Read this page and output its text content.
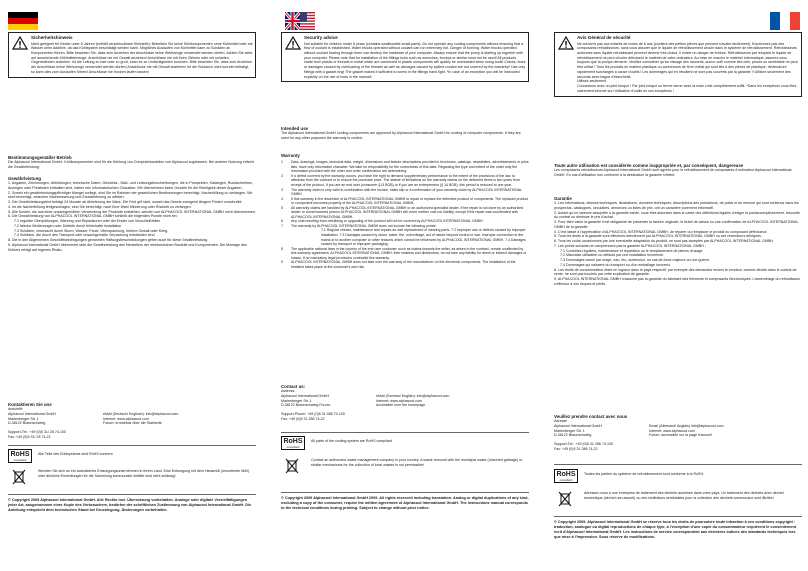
Sicherheitshinweis
Nicht geeignet für Kinder unter 6 Jahren (enthält verschluckbare Kleinteile): Betreiben Sie keine Kühlkomponenten ohne Kühlmittel oder mit Wasser ohne Additive, da das Kühlsystem beschädigt werden kann. Mögliches Auslaufen von Kühlmittel kann zu Schäden an Komponenten führen. Bitte beachten Sie, dass zum Anziehen der Anschlüsse keine Werkzeuge verwendet werden dürfen. Achten Sie stets auf ausreichende Kühlmittelmenge. Anschlüsse nie mit Gewalt anziehen! Anschlüsse nie mit Ihren Zähnen oder mit scharfen Gegenständen anziehen. Ist die Leitung zu hart oder zu groß, kann es zu Undichtigkeiten kommen. Bitte beachten Sie, dass zum Anziehen der Anschlüsse keine Werkzeuge verwendet werden dürfen! Anschlüsse nie mit Gewalt anziehen! Ist der Schlauch nicht korrekt befestigt, so kann dies zum Auslaufen führen! Anschlüsse nie trocken laufen lassen!
Bestimmungsgemäßer Betrieb
Die Alphacool International GmbH- Kühlkomponenten sind für die Kühlung von Computerbauteilen von Alphacool zugelassen. Bei anderer Nutzung erlischt die Gewährleistung.
Gewährleistung
1. Angaben, Zeichnungen, Abbildungen, technische Daten, Gewichts-, Maß- und Leistungsbeschreibungen, die in Prospekten, Katalogen, Rundschreiben, Anzeigen oder Preislisten enthalten sind, haben rein informatorischen Charakter. Wir übernehmen keine Gewähr für die Richtigkeit dieser Angaben.
2. Soweit ein gewährleistungspflichtiger Mangel vorliegt, sind Sie im Rahmen der gesetzlichen Bestimmungen berechtigt, Nacherfüllung zu verlangen. Wir sind berechtigt, zwischen Nachbesserung und Ersatzlieferung zu wählen.
3. Die Gewährleistungsfrist beträgt 24 Monate ab Ablieferung der Ware. Die Frist gilt nicht, soweit das Gesetz zwingend längere Fristen vorschreibt.
4. Ist die Nacherfüllung fehlgeschlagen, sind Sie berechtigt, nach Ihrer Wahl Minderung oder Rücktritt zu verlangen.
5. Alle Kosten, die aus einer unsachgemäßen Verwendung der Produkte entstehen, werden von ALPHACOOL INTERNATIONAL GMBH nicht übernommen.
6. Die Gewährleistung von ALPHACOOL INTERNATIONAL GMBH schließt die folgenden Punkte nicht ein:
7.1 reguläre Überprüfungen, Wartung und Reparaturen oder der Ersatz von Verschleißteilen
7.2 falsche Bedienungen oder Defekte durch fehlerhafte Installation
7.3 Schäden, verursacht durch Sturm, Wasser, Feuer, Überspannung, höhere Gewalt oder Krieg.
7.4 Schäden, die durch den Transport oder unsachgemäße Verpackung entstanden sind.
8. Die in den Allgemeinen Geschäftsbedingungen genannten Haftungsbeschränkungen gelten auch für diese Gewährleistung.
9. Alphacool International GmbH übernimmt nicht die Gewährleistung des Herstellers der elektronischen Bauteile und Komponenten. Die Montage des Kühlers erfolgt auf eigenes Risiko.
Kontaktieren Sie uns
Anschrift:
Alphacool International GmbH
Marienberger Str. 1
D-38122 Braunschweig
Support-Tel.: +49 (0)5 31/ 28 74-100
Fax: +49 (0)5 31/ 28 74-22
eMail (Deutsch/ Englisch): info@alphacool.com
Internet: www.alphacool.com
Forum: erreichbar über die Startseite
RoHS
compliant
Alle Teile des Kühlsystems sind RoHS konform
Wenden Sie sich an ein autorisiertes Entsorgungsunternehmen in Ihrem Land. Eine Entsorgung mit dem Hausmüll (unsortierter Müll) oder ähnliche Einrichtungen für die Sammlung kommunaler Abfälle sind nicht zulässig!
© Copyright 2009 Alphacool International GmbH. Alle Rechte incl. Übersetzung vorbehalten. Analoge oder digitale Vervielfältigungen jeder Art, ausgenommen einer Kopie des Verbrauchers, bedürfen der schriftlichen Zustimmung von Alphacool International GmbH. Die Anleitung entspricht dem technischen Stand bei Drucklegung. Änderungen vorbehalten.
Security advice
Not suitable for children under 6 years (contains swallowable small-parts). Do not operate any cooling components without ensuring that a flow of coolant is established. Water blocks operated without coolant can run extremely hot. Danger of burning. Water blocks operated without coolant flowing through them can destroy the hardware of your computer. Always ensure that the pump is starting up together with your computer. Please note that for installation of the fittings tools such as wrenches, forceps or similar must not be used! All products made from plastic or threads in metal which are connected to plastic components will quickly be overloaded when using tools! Cracks, tears or damages caused by overloading of the threads as well as damages caused by spilled coolant are not covered by the warranty!! Use only fittings with a gasket ring! The gasket makes it sufficient to screw in the fittings hand tight. *In case of an exception you will be instructed explicitly on the use of tools in the manual!
Intended use
The Alphacool International GmbH cooling components are approved by Alphacool International GmbH for cooling of computer components. If they are used for any other purposes the warranty is voided.
Warranty
1	Data, drawings, images, technical data, weight, dimensions and feature descriptions provided in brochures, catalogs, newsletters, advertisements or price lists, have only informative character. We take no responsibility for the correctness of this data. Regarding the type and extent of the order only the information provided with the order and order confirmation are determining.
2	If a defect covered by the warranty occurs, you have the right to demand supplementary performance to the extent of the provisions of the law, to withdraw from the contract or to reduce the purchase price. The statute of limitations on the warranty claims on the delivered items is two years from receipt of the product. If you are an end user (consumer §13 BGB) or if you are an entrepreneur (§ 14 BGB), this period is reduced to one year.
3	The warranty claim is only valid in combination with the invoice, sales slip or a confirmation of your warranty claim by ALPHACOOL INTERNATIONAL GMBH.
4	If this warranty in the discretion of ALPHACOOL INTERNATIONAL GMBH to repair or replace the defective product or components. The replaced product or component becomes property of the ALPHACOOL INTERNATIONAL GMBH.
5	All warranty claims are handled by ALPHACOOL INTERNATIONAL GMBH or an authorized specialist dealer. If the repair is not done by an authorized dealer or commissioned person ALPHACOOL INTERNATIONAL GMBH will cover neither cost nor liability, except if the repair was coordinated with ALPHACOOL INTERNATIONAL GMBH.
6	Any cost resulting from rebuilding or upgrading of the product will not be covered by ALPHACOOL INTERNATIONAL GMBH.
7	The warranty by ALPHACOOL INTERNATIONAL GMBH does not include the following points:
	7.1 Regular checks, maintenance and repairs as well replacement of wearing parts. 7.2 Improper use or defects caused by improper installation. 7.3 Damages caused by storm, water, fire, overvoltage, act of nature beyond control or war, improper connection to the mains or to another computer or other reasons which cannot be influenced by ALPHACOOL INTERNATIONAL GMBH. 7.4 Damages caused by transport or improper packaging.
8	The applicable national laws in the country of the end user customer, such as claims towards the seller, as arisen in the contract, remain unaffected by this warranty agreement. ALPHACOOL INTERNATIONAL GMBH, their retailers and distributors, do not take any liability for direct or indirect damages or losses, if no mandatory legal provisions contradict this warranty.
9	ALPHACOOL INTERNATIONAL GMBH does not take over the warranty of the manufacturer on the electronic components. The installation of the heatsink takes place at the customer's own risk.
Contact us:
Address:
Alphacool International GmbH
Marienberger Str. 1
D-38122 Braunschweig Forum:
Support-Phone: +49 (0)5 31 286 74-100
Fax: +49 (0)5 31 286 74-22
eMail (German/ English): info@alphacool.com
Internet: www.alphacool.com
Accessible over the homepage
RoHS
compliant
All parts of the cooling system are RoHS compliant
Contact an authorized waste management company in your country. A waste removal with the municipal waste (unsorted garbage) or similar mechanisms for the collection of local wastes is not permissible!
© Copyright 2009 Alphacool International GmbH 2009. All rights reserved including translation. Analog or digital duplications of any kind, excluding a copy of the consumer, require the written agreement of Alphacool International GmbH. The instructions manual corresponds to the technical conditions during printing. Subject to change without prior notice.
Avis Général de sécurité
Ne convient pas aux enfants de moins de 6 ans (contient des petites pièces que peuvent s'avaler facilement). N'actionnez pas des composants refroidisseurs, sans vous assurer que le liquide de refroidissement circule dans le système de refroidissement. Refroidisseurs actionnés sans liquide refroidissant peuvent devenir très chaud. Il existe un danger de brûlure. Refroidisseurs par lesquels le liquide de refroidissement ne peut circuler détruisent le matériel de votre ordinateur. Au mise en marche le matériel informatique, assurez-vous toujours que la pompe démarre. Veuillez considérer qu'au vissage des raccords, aucun outil comme des clés, pinces ou semblable ne peut être utilisé ! Tous les produits en matière plastique ou connexions de fil en métal qui sont liés à des pièces de plastique, deviendront rapidement surchargés à cause d'outils ! Les dommages qui en résultent ne sont pas couverts par la garantie !! Utilisez seulement des raccords avec bague d'étanchéité.
Utilisez seulement
Connexions avec un joint torique ! Par joint torique un ferme serrer avec la main c'est complètement suffit. *Dans les exceptions vous êtes clairement informé sur l'utilisation d'outils en ces exceptions !
Toute autre utilisation est considérée comme inappropriée et, par conséquent, dangereuse
Les composants refroidisseurs Alphacool International GmbH sont agréés pour le refroidissement de composants d'ordinateur Alphacool International GmbH. En cas d'utilisation non conforme à la destination la garantie s'éteint.
Garantie
1. Les informations, dessins techniques, illustrations, données techniques, descriptions des prestations, de poids et de mesure qui sont contenus dans les prospectus, catalogues, circulaires, annonces ou listes de prix, ont un caractère purement informatif.
2. Autant qu'un carence assujettie à la garantie existe, vous êtes autorisés dans le cadre des définitions légales d'exiger la postaccomplissement, résoudre du contrat ou diminuer le prix d'achat.
3. Pour faire valoir la garantie il est obligatoire de présenter la facture originale, le ticket de caisse ou une confirmation de ALPHACOOL INTERNATIONAL GMBH de la garantie.
4. C'est laissé à l'appréciation d'ALPHACOOL INTERNATIONAL GMBH, de réparer ou remplacer le produit ou composant défectueux.
5. Tous les droits à la garantie sont effectués directement par ALPHACOOL INTERNATIONAL GMBH ou ses revendeurs délégués.
6. Tous les coûts occasionnés par une éventuelle adaptation du produit, ne sont pas acceptés par ALPHACOOL INTERNATIONAL GMBH.
7. Les points suivants ne comprennent pas la garantie ALPHACOOL INTERNATIONAL GMBH :
7.1 Contrôles réguliers, maintenance et réparation ou le remplacement de pièces d'usage.
7.2 Mauvaise utilisation ou défauts par une installation incorrecte.
7.3 Dommages causé par orage, eau, feu, surtension, un cas de force majeure ou une guerre.
7.4 Dommages qui naissent du transport ou d'un emballage incorrect.
8. Les droits de consommateur étant en vigueur dans le pays respectif, par exemple des demandes envers le vendeur, comme décrits dans le contrat de vente, ne sont pas touchés par cette explication de garantie.
9. ALPHACOOL INTERNATIONAL GMBH n'assume pas la garantie du fabricant des éléments et composants électroniques. L'assemblage du refroidisseur s'effectue à vos risques et périls.
Veuillez prendre contact avec nous
Adresse
Alphacool International GmbH
Marienberger Str. 1
D-38122 Braunschweig
Support-Tel.: +49 (0)5 31 286 74-100
Fax: +49 (0)5 31 286 74-22
Email (Allemand/ Anglais) info@alphacool.com
Internet: www.alphacool.com
Forum: accessible sur la page d'accueil
RoHS
compliant
Toutes les parties du système de refroidissement sont conforme à la RoSH.
Adressez-vous à une entreprise de traitement des déchets autorisée dans votre pays. Un traitement des déchets avec déchet domestique (déchet non assorti) ou des institutions semblables pour la collection des déchets communaux sont illicites!
© Copyright 2009. Alphacool International GmbH se réserve tous les droits de poursuivre toute infraction à ces conditions copyright : traduction, analogue ou digital reproductions de chaque type, à l'exception d'une copie du consommateur requièrent le consentement écrit d'Alphacool International GmbH. Les instructions de service correspondent aux dernières indices des standards techniques lors que mise à l'impression. Sous réserve de modifications.
